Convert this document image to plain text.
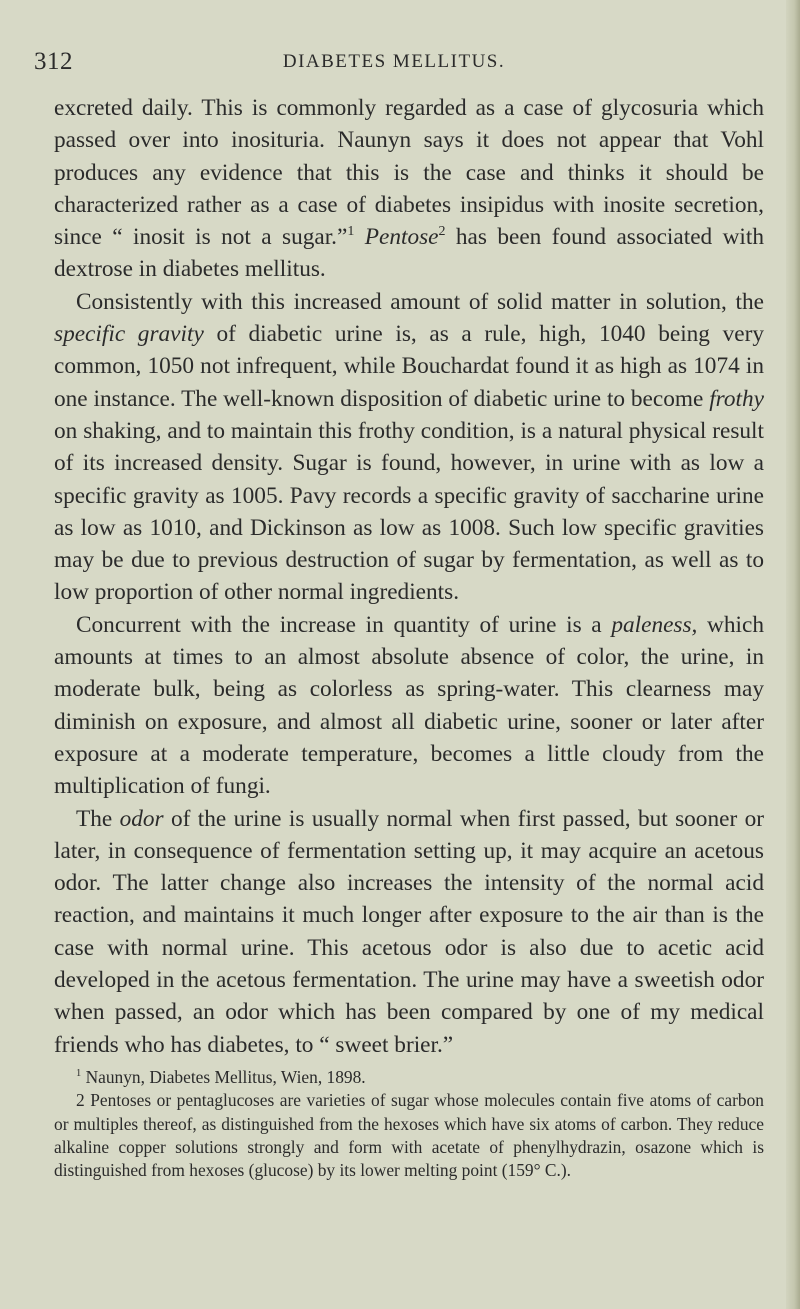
312	DIABETES MELLITUS.

excreted daily. This is commonly regarded as a case of glycosuria which passed over into inosituria. Naunyn says it does not appear that Vohl produces any evidence that this is the case and thinks it should be characterized rather as a case of diabetes insipidus with inosite secretion, since “ inosit is not a sugar.”$^1$ Pentose$^2$ has been found associated with dextrose in diabetes mellitus.

Consistently with this increased amount of solid matter in solution, the specific gravity of diabetic urine is, as a rule, high, 1040 being very common, 1050 not infrequent, while Bouchardat found it as high as 1074 in one instance. The well-known disposition of diabetic urine to become frothy on shaking, and to maintain this frothy condition, is a natural physical result of its increased density. Sugar is found, however, in urine with as low a specific gravity as 1005. Pavy records a specific gravity of saccharine urine as low as 1010, and Dickinson as low as 1008. Such low specific gravities may be due to previous destruction of sugar by fermentation, as well as to low proportion of other normal ingredients.

Concurrent with the increase in quantity of urine is a paleness, which amounts at times to an almost absolute absence of color, the urine, in moderate bulk, being as colorless as spring-water. This clearness may diminish on exposure, and almost all diabetic urine, sooner or later after exposure at a moderate temperature, becomes a little cloudy from the multiplication of fungi.

The odor of the urine is usually normal when first passed, but sooner or later, in consequence of fermentation setting up, it may acquire an acetous odor. The latter change also increases the intensity of the normal acid reaction, and maintains it much longer after exposure to the air than is the case with normal urine. This acetous odor is also due to acetic acid developed in the acetous fermentation. The urine may have a sweetish odor when passed, an odor which has been compared by one of my medical friends who has diabetes, to “ sweet brier.”

$^1$ Naunyn, Diabetes Mellitus, Wien, 1898.

2 Pentoses or pentaglucoses are varieties of sugar whose molecules contain five atoms of carbon or multiples thereof, as distinguished from the hexoses which have six atoms of carbon. They reduce alkaline copper solutions strongly and form with acetate of phenylhydrazin, osazone which is distinguished from hexoses (glucose) by its lower melting point (159° C.).
